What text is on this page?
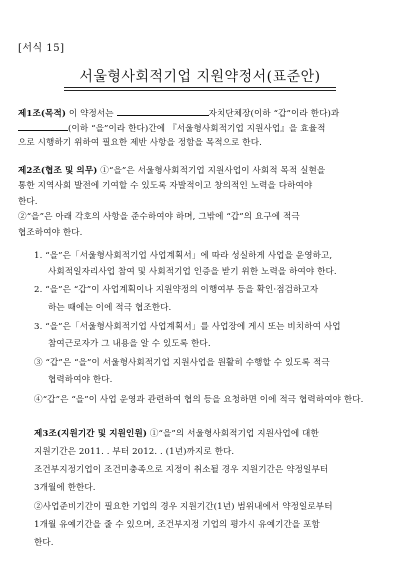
[서식 15]
서울형사회적기업 지원약정서(표준안)
제1조(목적) 이 약정서는	자치단체장(이하 “갑”이라 한다)과
(이하 “을”이라 한다)간에 『서울형사회적기업 지원사업』을 효율적
으로 시행하기 위하여 필요한 제반 사항을 정함을 목적으로 한다.
제2조(협조 및 의무) ①“을”은 서울형사회적기업 지원사업이 사회적 목적 실현을
통한 지역사회 발전에 기여할 수 있도록 자발적이고 창의적인 노력을 다하여야
한다.
②“을”은 아래 각호의 사항을 준수하여야 하며, 그밖에 “갑”의 요구에 적극
협조하여야 한다.
1. “을”은「서울형사회적기업 사업계획서」에 따라 성실하게 사업을 운영하고,
사회적일자리사업 참여 및 사회적기업 인증을 받기 위한 노력을 하여야 한다.
2. “을”은 “갑”이 사업계획이나 지원약정의 이행여부 등을 확인·점검하고자
하는 때에는 이에 적극 협조한다.
3. “을”은「서울형사회적기업 사업계획서」를 사업장에 게시 또는 비치하여 사업
참여근로자가 그 내용을 알 수 있도록 한다.
③ “갑”은 “을”이 서울형사회적기업 지원사업을 원활히 수행할 수 있도록 적극
협력하여야 한다.
④“갑”은 “을”이 사업 운영과 관련하여 협의 등을 요청하면 이에 적극 협력하여야 한다.
제3조(지원기간 및 지원인원) ①“을”의 서울형사회적기업 지원사업에 대한
지원기간은 2011. . 부터 2012. . (1년)까지로 한다.
조건부지정기업이 조건미충족으로 지정이 취소될 경우 지원기간은 약정일부터
3개월에 한한다.
②사업준비기간이 필요한 기업의 경우 지원기간(1년) 범위내에서 약정일로부터
1개월 유예기간을 줄 수 있으며, 조건부지정 기업의 평가시 유예기간을 포함
한다.
